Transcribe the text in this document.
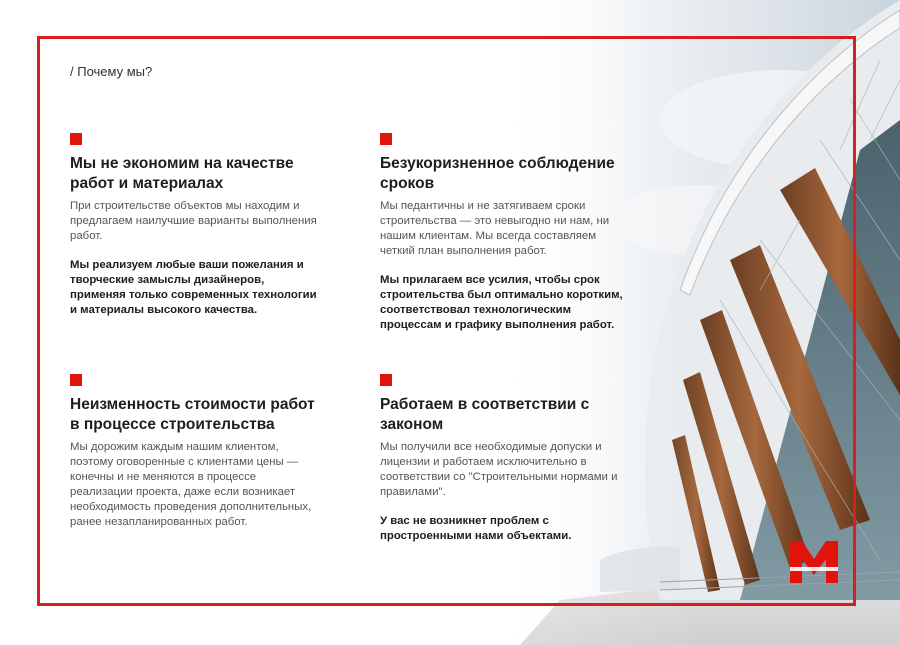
/ Почему мы?
Мы не экономим на качестве работ и материалах

При строительстве объектов мы находим и предлагаем наилучшие варианты выполнения работ.

Мы реализуем любые ваши пожелания и творческие замыслы дизайнеров, применяя только современных технологии и материалы высокого качества.

Безукоризненное соблюдение сроков

Мы педантичны и не затягиваем сроки строительства — это невыгодно ни нам, ни нашим клиентам. Мы всегда составляем четкий план выполнения работ.

Мы прилагаем все усилия, чтобы срок строительства был оптимально коротким, соответствовал технологическим процессам и графику выполнения работ.

Неизменность стоимости работ в процессе строительства

Мы дорожим каждым нашим клиентом, поэтому оговоренные с клиентами цены — конечны и не меняются в процессе реализации проекта, даже если возникает необходимость проведения дополнительных, ранее незапланированных работ.

Работаем в соответствии с законом

Мы получили все необходимые допуски и лицензии и работаем исключительно в соответствии со "Строительными нормами и правилами".

У вас не возникнет проблем с простроенными нами объектами.
